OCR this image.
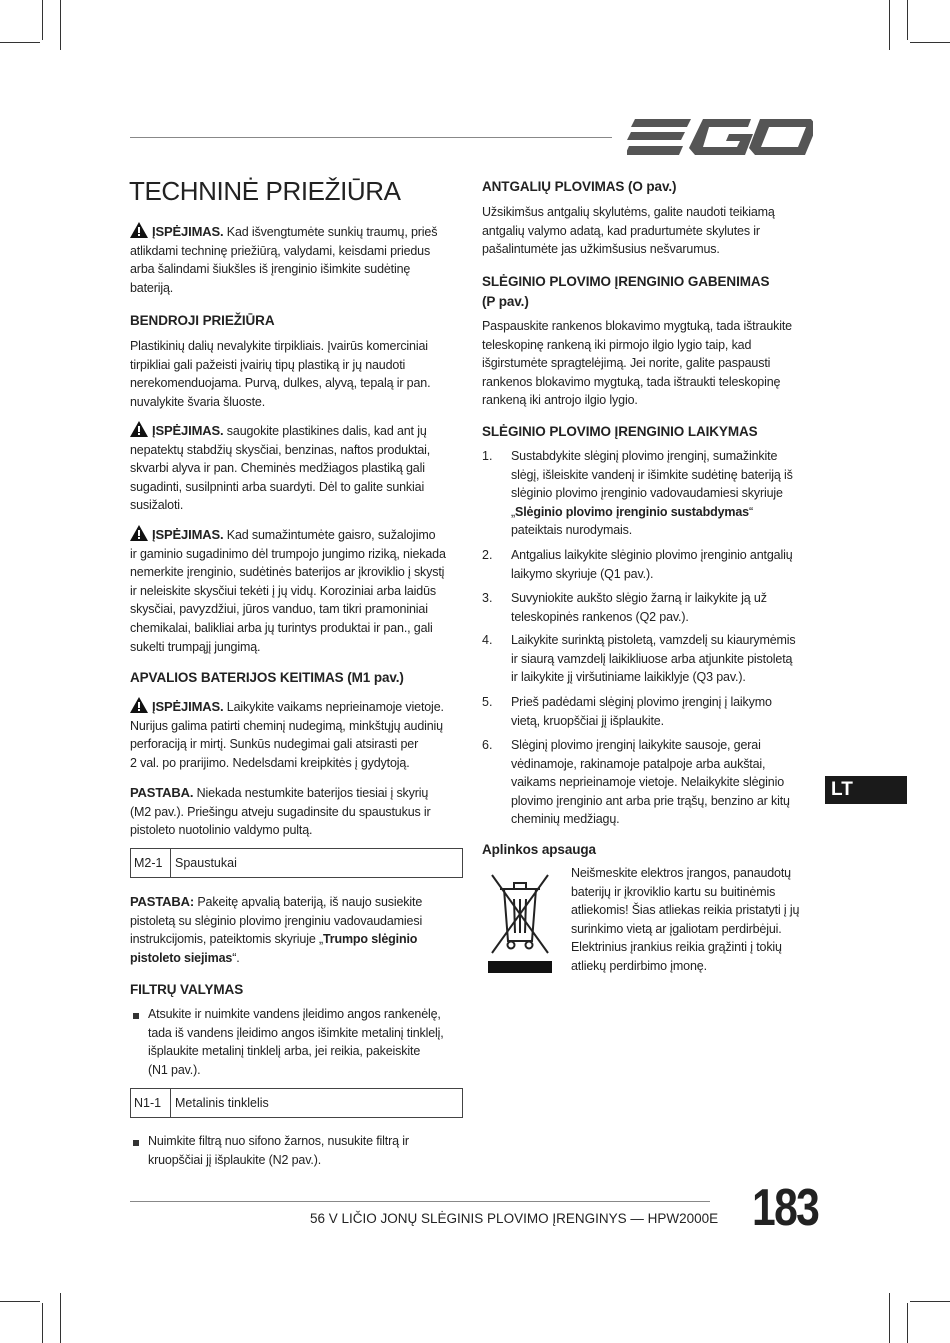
TECHNINĖ PRIEŽIŪRA
ĮSPĖJIMAS. Kad išvengtumėte sunkių traumų, prieš
atlikdami techninę priežiūrą, valydami, keisdami priedus
arba šalindami šiukšles iš įrenginio išimkite sudėtinę
bateriją.
BENDROJI PRIEŽIŪRA
Plastikinių dalių nevalykite tirpikliais. Įvairūs komerciniai
tirpikliai gali pažeisti įvairių tipų plastiką ir jų naudoti
nerekomenduojama. Purvą, dulkes, alyvą, tepalą ir pan.
nuvalykite švaria šluoste.
ĮSPĖJIMAS. saugokite plastikines dalis, kad ant jų
nepatektų stabdžių skysčiai, benzinas, naftos produktai,
skvarbi alyva ir pan. Cheminės medžiagos plastiką gali
sugadinti, susilpninti arba suardyti. Dėl to galite sunkiai
susižaloti.
ĮSPĖJIMAS. Kad sumažintumėte gaisro, sužalojimo
ir gaminio sugadinimo dėl trumpojo jungimo riziką, niekada
nemerkite įrenginio, sudėtinės baterijos ar įkroviklio į skystį
ir neleiskite skysčiui tekėti į jų vidų. Koroziniai arba laidūs
skysčiai, pavyzdžiui, jūros vanduo, tam tikri pramoniniai
chemikalai, balikliai arba jų turintys produktai ir pan., gali
sukelti trumpąjį jungimą.
APVALIOS BATERIJOS KEITIMAS (M1 pav.)
ĮSPĖJIMAS. Laikykite vaikams neprieinamoje vietoje.
Nurijus galima patirti cheminį nudegimą, minkštųjų audinių
perforaciją ir mirtį. Sunkūs nudegimai gali atsirasti per
2 val. po prarijimo. Nedelsdami kreipkitės į gydytoją.
PASTABA. Niekada nestumkite baterijos tiesiai į skyrių
(M2 pav.). Priešingu atveju sugadinsite du spaustukus ir
pistoleto nuotolinio valdymo pultą.
M2-1	Spaustukai
PASTABA: Pakeitę apvalią bateriją, iš naujo susiekite
pistoletą su slėginio plovimo įrenginiu vadovaudamiesi
instrukcijomis, pateiktomis skyriuje „Trumpo slėginio
pistoleto siejimas“.
FILTRŲ VALYMAS
Atsukite ir nuimkite vandens įleidimo angos rankenėlę,
tada iš vandens įleidimo angos išimkite metalinį tinklelį,
išplaukite metalinį tinklelį arba, jei reikia, pakeiskite
(N1 pav.).
N1-1	Metalinis tinklelis
Nuimkite filtrą nuo sifono žarnos, nusukite filtrą ir
kruopščiai jį išplaukite (N2 pav.).
ANTGALIŲ PLOVIMAS (O pav.)
Užsikimšus antgalių skylutėms, galite naudoti teikiamą
antgalių valymo adatą, kad pradurtumėte skylutes ir
pašalintumėte jas užkimšusius nešvarumus.
SLĖGINIO PLOVIMO ĮRENGINIO GABENIMAS
(P pav.)
Paspauskite rankenos blokavimo mygtuką, tada ištraukite
teleskopinę rankeną iki pirmojo ilgio lygio taip, kad
išgirstumėte spragtelėjimą. Jei norite, galite paspausti
rankenos blokavimo mygtuką, tada ištraukti teleskopinę
rankeną iki antrojo ilgio lygio.
SLĖGINIO PLOVIMO ĮRENGINIO LAIKYMAS
1. Sustabdykite slėginį plovimo įrenginį, sumažinkite
slėgį, išleiskite vandenį ir išimkite sudėtinę bateriją iš
slėginio plovimo įrenginio vadovaudamiesi skyriuje
„Slėginio plovimo įrenginio sustabdymas“
pateiktais nurodymais.
2. Antgalius laikykite slėginio plovimo įrenginio antgalių
laikymo skyriuje (Q1 pav.).
3. Suvyniokite aukšto slėgio žarną ir laikykite ją už
teleskopinės rankenos (Q2 pav.).
4. Laikykite surinktą pistoletą, vamzdelį su kiaurymėmis
ir siaurą vamzdelį laikikliuose arba atjunkite pistoletą
ir laikykite jį viršutiniame laikiklyje (Q3 pav.).
5. Prieš padėdami slėginį plovimo įrenginį į laikymo
vietą, kruopščiai jį išplaukite.
6. Slėginį plovimo įrenginį laikykite sausoje, gerai
vėdinamoje, rakinamoje patalpoje arba aukštai,
vaikams neprieinamoje vietoje. Nelaikykite slėginio
plovimo įrenginio ant arba prie trąšų, benzino ar kitų
cheminių medžiagų.
Aplinkos apsauga
Neišmeskite elektros įrangos, panaudotų
baterijų ir įkroviklio kartu su buitinėmis
atliekomis! Šias atliekas reikia pristatyti į jų
surinkimo vietą ar įgaliotam perdirbėjui.
Elektrinius įrankius reikia grąžinti į tokių
atliekų perdirbimo įmonę.
LT
56 V LIČIO JONŲ SLĖGINIS PLOVIMO ĮRENGINYS — HPW2000E 183
